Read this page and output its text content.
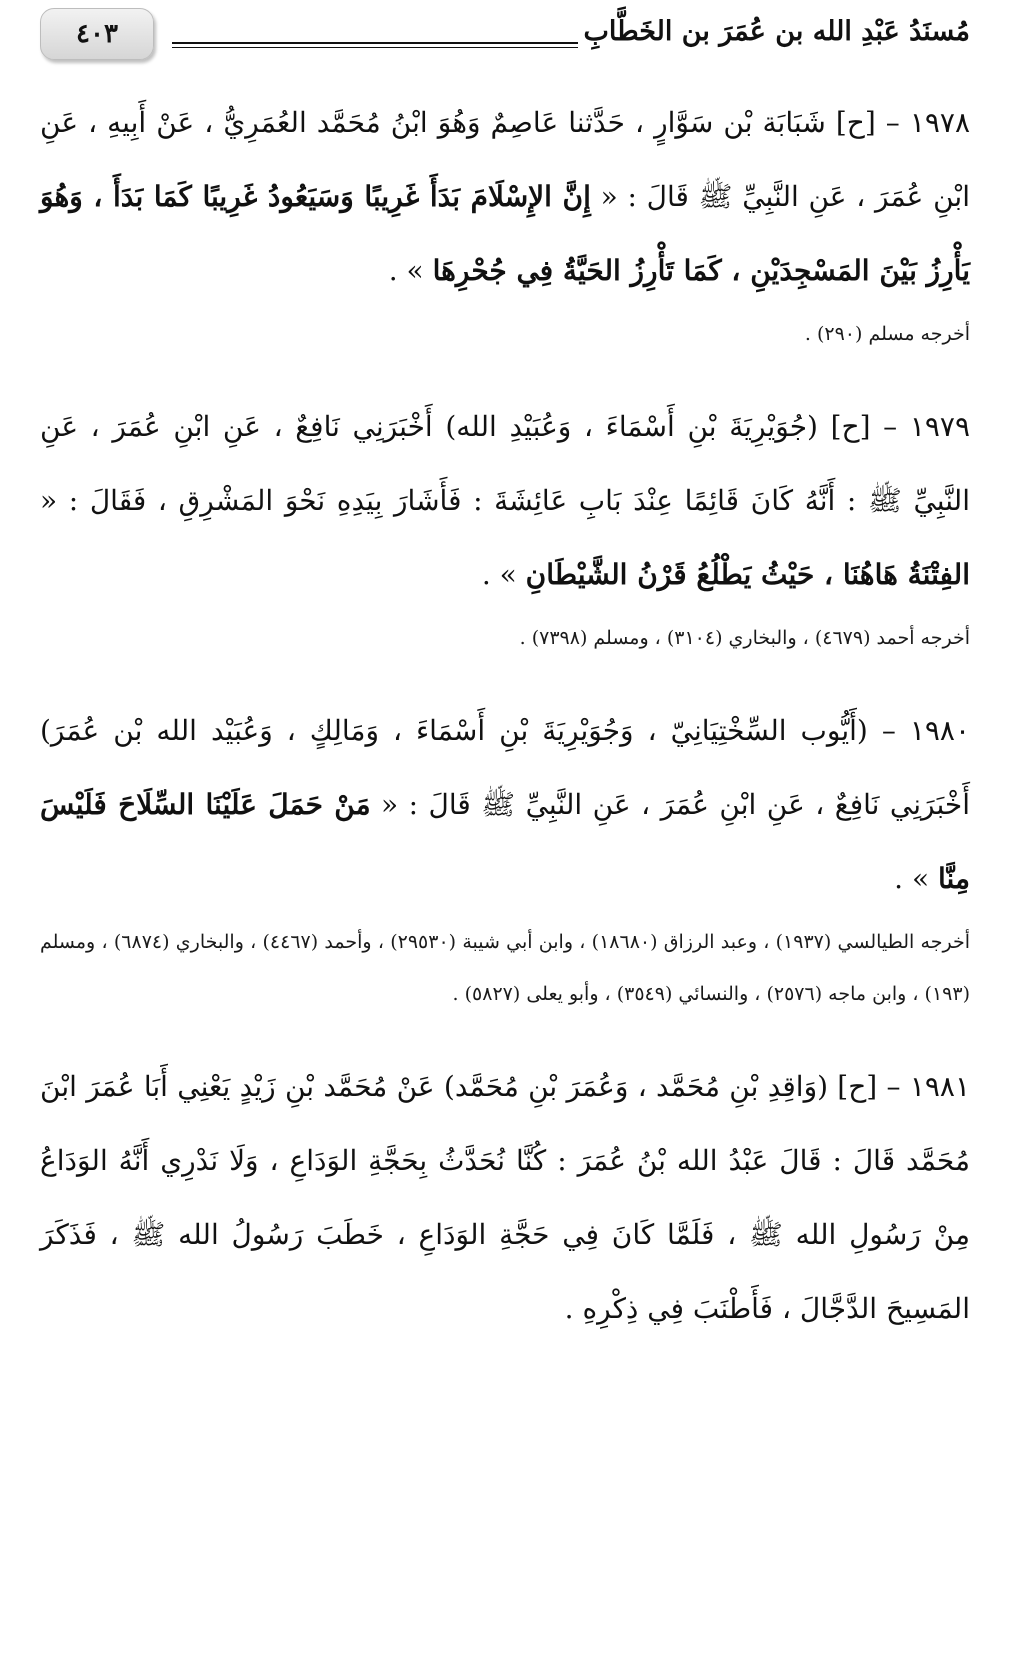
مُسنَدُ عَبْدِ الله بن عُمَرَ بن الخَطَّابِ
٤٠٣

١٩٧٨ – [ح] شَبَابَة بْن سَوَّارٍ ، حَدَّثنا عَاصِمٌ وَهُوَ ابْنُ مُحَمَّد العُمَرِيُّ ، عَنْ أَبِيهِ ، عَنِ ابْنِ عُمَرَ ، عَنِ النَّبِيِّ ﷺ قَالَ : « إِنَّ الإِسْلَامَ بَدَأَ غَرِيبًا وَسَيَعُودُ غَرِيبًا كَمَا بَدَأَ ، وَهُوَ يَأْرِزُ بَيْنَ المَسْجِدَيْنِ ، كَمَا تَأْرِزُ الحَيَّةُ فِي جُحْرِهَا » .

أخرجه مسلم (٢٩٠) .

١٩٧٩ – [ح] (جُوَيْرِيَةَ بْنِ أَسْمَاءَ ، وَعُبَيْدِ الله) أَخْبَرَنِي نَافِعٌ ، عَنِ ابْنِ عُمَرَ ، عَنِ النَّبِيِّ ﷺ : أَنَّهُ كَانَ قَائِمًا عِنْدَ بَابِ عَائِشَةَ : فَأَشَارَ بِيَدِهِ نَحْوَ المَشْرِقِ ، فَقَالَ : « الفِتْنَةُ هَاهُنَا ، حَيْثُ يَطْلُعُ قَرْنُ الشَّيْطَانِ » .

أخرجه أحمد (٤٦٧٩) ، والبخاري (٣١٠٤) ، ومسلم (٧٣٩٨) .

١٩٨٠ – (أَيُّوب السِّخْتِيَانِيّ ، وَجُوَيْرِيَةَ بْنِ أَسْمَاءَ ، وَمَالِكٍ ، وَعُبَيْد الله بْن عُمَرَ) أَخْبَرَنِي نَافِعٌ ، عَنِ ابْنِ عُمَرَ ، عَنِ النَّبِيِّ ﷺ قَالَ : « مَنْ حَمَلَ عَلَيْنَا السِّلَاحَ فَلَيْسَ مِنَّا » .

أخرجه الطيالسي (١٩٣٧) ، وعبد الرزاق (١٨٦٨٠) ، وابن أبي شيبة (٢٩٥٣٠) ، وأحمد (٤٤٦٧) ، والبخاري (٦٨٧٤) ، ومسلم (١٩٣) ، وابن ماجه (٢٥٧٦) ، والنسائي (٣٥٤٩) ، وأبو يعلى (٥٨٢٧) .

١٩٨١ – [ح] (وَاقِدِ بْنِ مُحَمَّد ، وَعُمَرَ بْنِ مُحَمَّد) عَنْ مُحَمَّد بْنِ زَيْدٍ يَعْنِي أَبَا عُمَرَ ابْنَ مُحَمَّد قَالَ : قَالَ عَبْدُ الله بْنُ عُمَرَ : كُنَّا نُحَدَّثُ بِحَجَّةِ الوَدَاعِ ، وَلَا نَدْرِي أَنَّهُ الوَدَاعُ مِنْ رَسُولِ الله ﷺ ، فَلَمَّا كَانَ فِي حَجَّةِ الوَدَاعِ ، خَطَبَ رَسُولُ الله ﷺ ، فَذَكَرَ المَسِيحَ الدَّجَّالَ ، فَأَطْنَبَ فِي ذِكْرِهِ .
